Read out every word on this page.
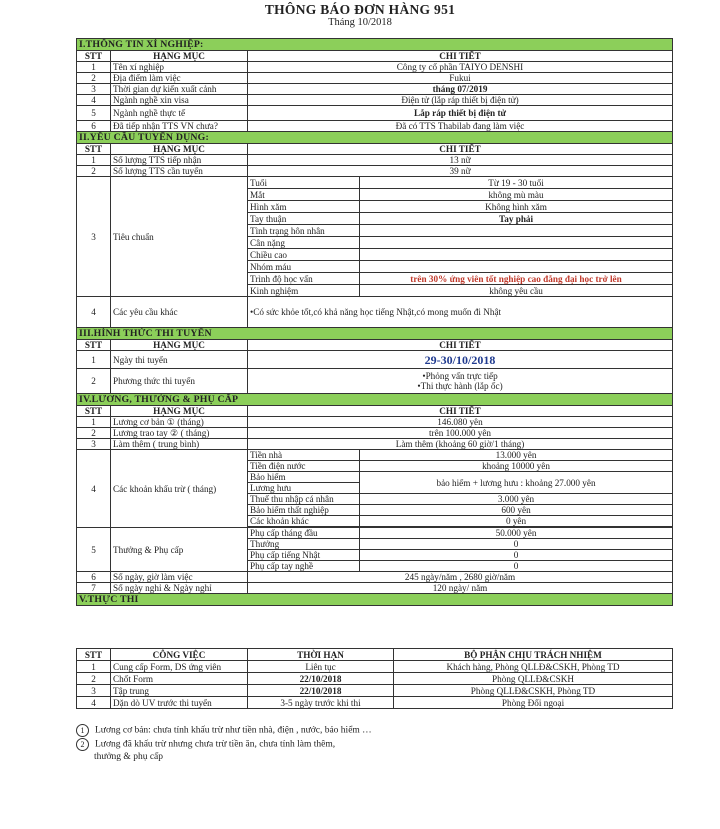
THÔNG BÁO ĐƠN HÀNG 951
Tháng 10/2018
I.THÔNG TIN XÍ NGHIỆP:			
STT	HẠNG MỤC	CHI TIẾT	
1	Tên xí nghiệp	Công ty cổ phần TAIYO DENSHI	
2	Địa điểm làm việc	Fukui	
3	Thời gian dự kiến xuất cảnh	tháng 07/2019	
4	Ngành nghề xin visa	Điện tử (lắp ráp thiết bị điện tử)	
5	Ngành nghề thực tế	Lắp ráp thiết bị điện tử	
6	Đã tiếp nhận TTS VN chưa?	Đã có TTS Thabilab đang làm việc	
II.YÊU CẦU TUYỂN DỤNG:			
STT	HẠNG MỤC	CHI TIẾT	
1	Số lượng TTS tiếp nhận	13 nữ	
2	Số lượng TTS cần tuyển	39 nữ	
3	Tiêu chuẩn	Tuổi	Từ 19 - 30 tuổi
		Mắt	không mù màu
		Hình xăm	Không hình xăm
		Tay thuận	Tay phải
		Tình trạng hôn nhân	
		Cân nặng	
		Chiều cao	
		Nhóm máu	
		Trình độ học vấn	trên 30% ứng viên tốt nghiệp cao đẳng đại học trở lên
		Kinh nghiệm	không yêu cầu
4	Các yêu cầu khác	•Có sức khỏe tốt,có khả năng học tiếng Nhật,có mong muốn đi Nhật	
III.HÌNH THỨC THI TUYỂN			
STT	HẠNG MỤC	CHI TIẾT	
1	Ngày thi tuyển	29-30/10/2018	
2	Phương thức thi tuyển	•Phỏng vấn trực tiếp
•Thi thực hành (lắp ốc)	

IV.LƯƠNG, THƯỞNG & PHỤ CẤP			
STT	HẠNG MỤC	CHI TIẾT	
1	Lương cơ bản ① (tháng)	146.080 yên	
2	Lương trao tay ② ( tháng)	trên 100.000 yên	
3	Làm thêm ( trung bình)	Làm thêm (khoảng 60 giờ/1 tháng)	
4	Các khoản khấu trừ ( tháng)	Tiền nhà	13.000 yên
		Tiền điện nước	khoảng 10000 yên
		Bảo hiểm	bảo hiểm + lương hưu : khoảng 27.000 yên
		Lương hưu	
		Thuế thu nhập cá nhân	3.000 yên
		Bảo hiểm thất nghiệp	600 yên
		Các khoản khác	0 yên

5	Thưởng & Phụ cấp	Phụ cấp tháng đầu	50.000 yên
		Thưởng	0
		Phụ cấp tiếng Nhật	0
		Phụ cấp tay nghề	0
6	Số ngày, giờ làm việc	245 ngày/năm , 2680 giờ/năm	
7	Số ngày nghỉ & Ngày nghỉ	120 ngày/ năm	
V.THỰC THI			
STT	CÔNG VIỆC	THỜI HẠN	BỘ PHẬN CHỊU TRÁCH NHIỆM
1	Cung cấp Form, DS ứng viên	Liên tục	Khách hàng, Phòng QLLĐ&CSKH, Phòng TD
2	Chốt Form	22/10/2018	Phòng QLLĐ&CSKH
3	Tập trung	22/10/2018	Phòng QLLĐ&CSKH, Phòng TD
4	Dặn dò UV trước thi tuyển	3-5 ngày trước khi thi	Phòng Đối ngoại
1 Lương cơ bản: chưa tính khấu trừ như tiền nhà, điện , nước, bảo hiểm …
2 Lương đã khấu trừ nhưng chưa trừ tiền ăn, chưa tính làm thêm,
thưởng & phụ cấp
